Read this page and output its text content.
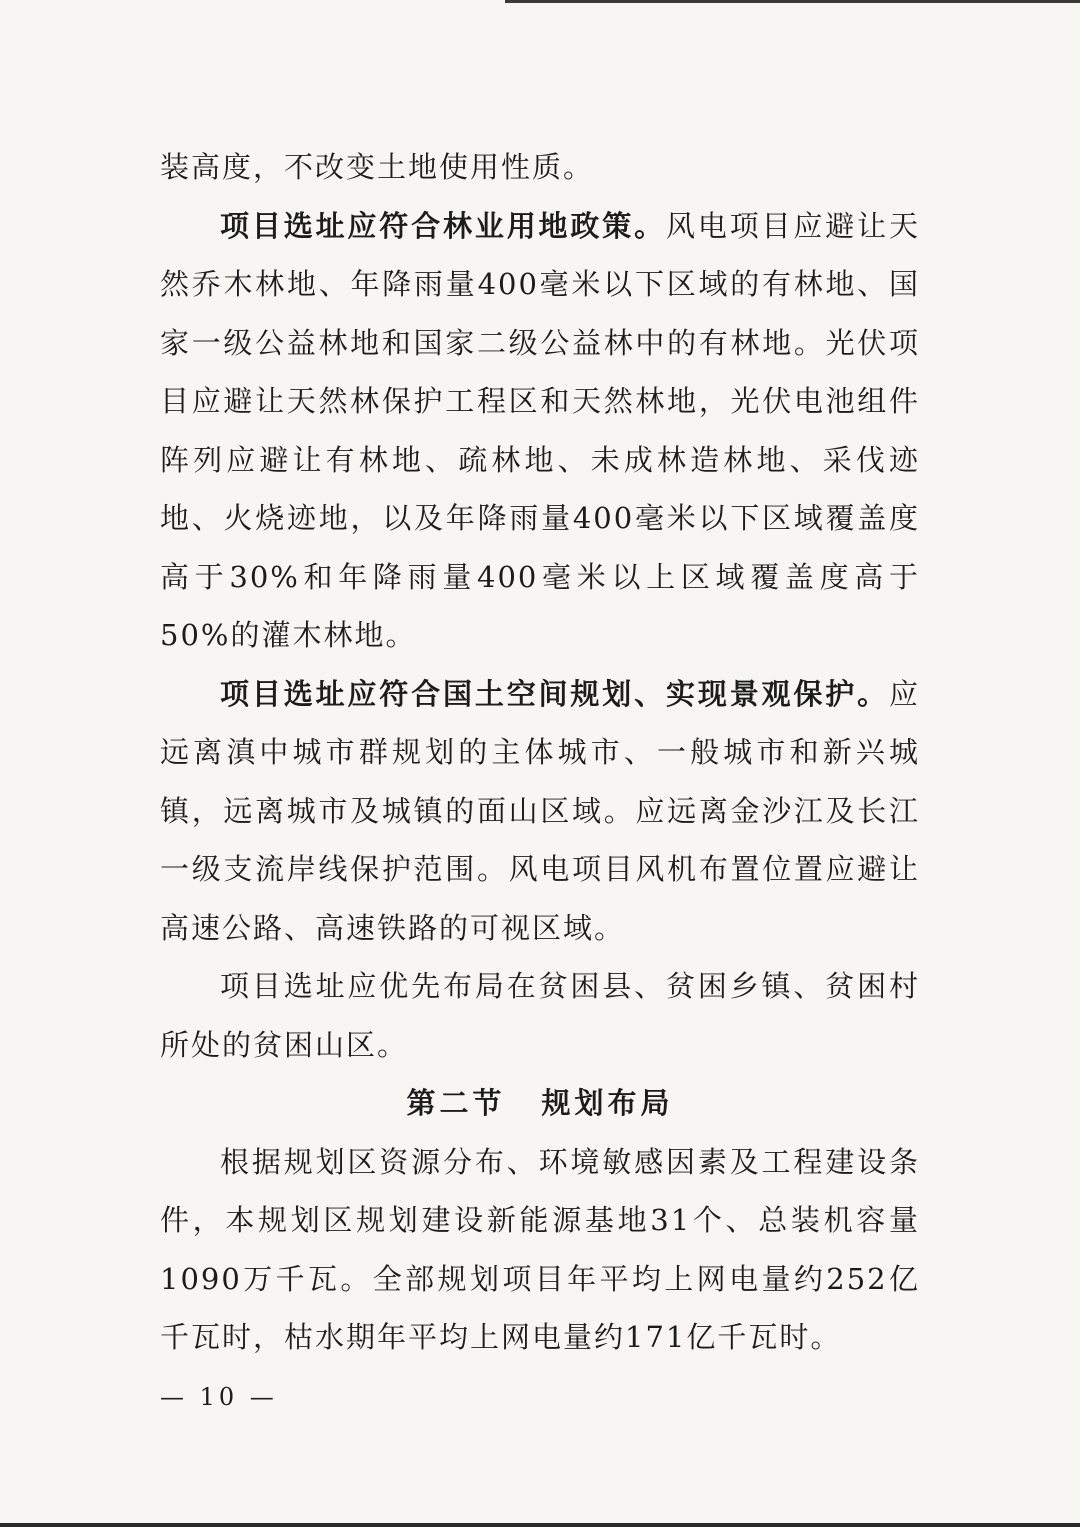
装高度，不改变土地使用性质。

项目选址应符合林业用地政策。风电项目应避让天然乔木林地、年降雨量400毫米以下区域的有林地、国家一级公益林地和国家二级公益林中的有林地。光伏项目应避让天然林保护工程区和天然林地，光伏电池组件阵列应避让有林地、疏林地、未成林造林地、采伐迹地、火烧迹地，以及年降雨量400毫米以下区域覆盖度高于30%和年降雨量400毫米以上区域覆盖度高于50%的灌木林地。

项目选址应符合国土空间规划、实现景观保护。应远离滇中城市群规划的主体城市、一般城市和新兴城镇，远离城市及城镇的面山区域。应远离金沙江及长江一级支流岸线保护范围。风电项目风机布置位置应避让高速公路、高速铁路的可视区域。

项目选址应优先布局在贫困县、贫困乡镇、贫困村所处的贫困山区。

第二节 规划布局

根据规划区资源分布、环境敏感因素及工程建设条件，本规划区规划建设新能源基地31个、总装机容量1090万千瓦。全部规划项目年平均上网电量约252亿千瓦时，枯水期年平均上网电量约171亿千瓦时。

— 10 —
